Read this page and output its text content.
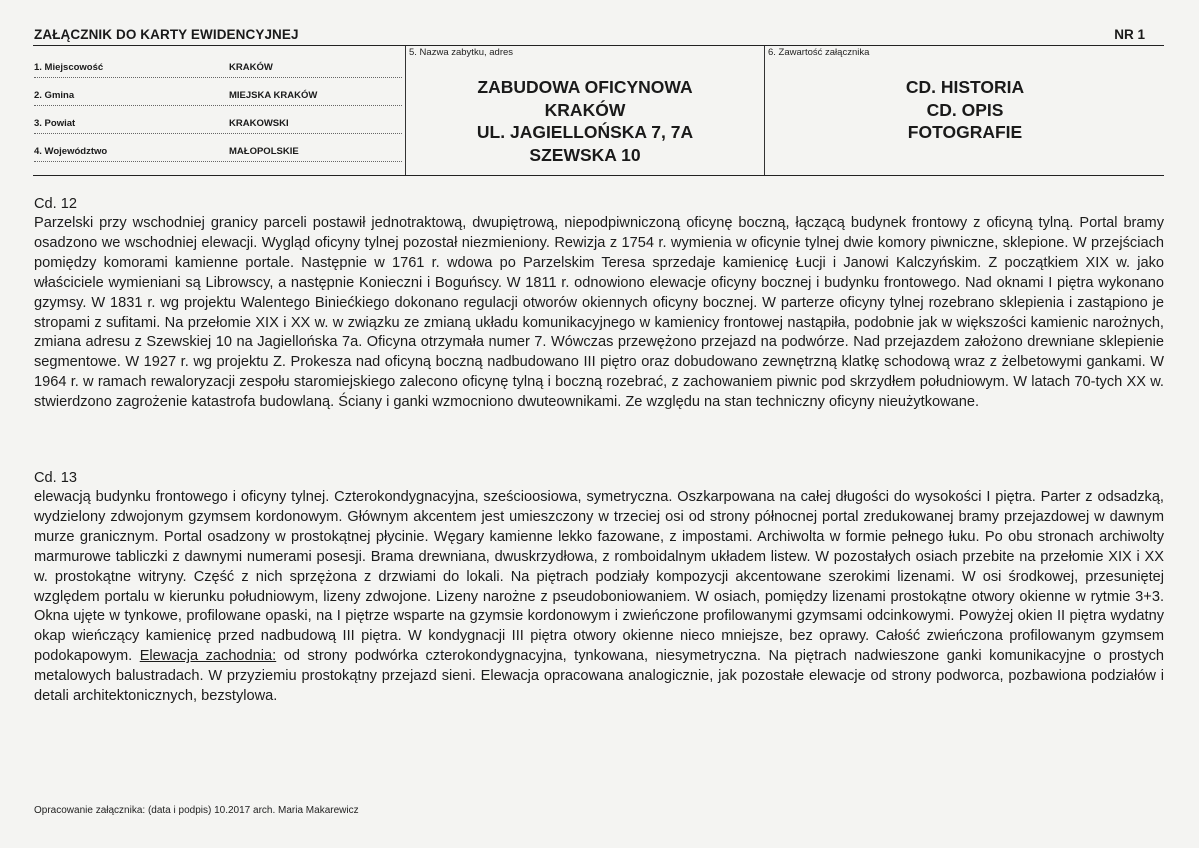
ZAŁĄCZNIK DO KARTY EWIDENCYJNEJ	NR 1
1. Miejscowość	KRAKÓW
2. Gmina	MIEJSKA KRAKÓW
3. Powiat	KRAKOWSKI
4. Województwo	MAŁOPOLSKIE
5. Nazwa zabytku, adres
ZABUDOWA OFICYNOWA
KRAKÓW
UL. JAGIELLOŃSKA 7, 7A
SZEWSKA 10
6. Zawartość załącznika
CD. HISTORIA
CD. OPIS
FOTOGRAFIE
Cd. 12
Parzelski przy wschodniej granicy parceli postawił jednotraktową, dwupiętrową, niepodpiwniczoną oficynę boczną, łączącą budynek frontowy z oficyną tylną. Portal bramy osadzono we wschodniej elewacji. Wygląd oficyny tylnej pozostał niezmieniony. Rewizja z 1754 r. wymienia w oficynie tylnej dwie komory piwniczne, sklepione. W przejściach pomiędzy komorami kamienne portale. Następnie w 1761 r. wdowa po Parzelskim Teresa sprzedaje kamienicę Łucji i Janowi Kalczyńskim. Z początkiem XIX w. jako właściciele wymieniani są Librowscy, a następnie Konieczni i Boguńscy. W 1811 r. odnowiono elewacje oficyny bocznej i budynku frontowego. Nad oknami I piętra wykonano gzymsy. W 1831 r. wg projektu Walentego Biniećkiego dokonano regulacji otworów okiennych oficyny bocznej. W parterze oficyny tylnej rozebrano sklepienia i zastąpiono je stropami z sufitami. Na przełomie XIX i XX w. w związku ze zmianą układu komunikacyjnego w kamienicy frontowej nastąpiła, podobnie jak w większości kamienic narożnych, zmiana adresu z Szewskiej 10 na Jagiellońska 7a. Oficyna otrzymała numer 7. Wówczas przewężono przejazd na podwórze. Nad przejazdem założono drewniane sklepienie segmentowe. W 1927 r. wg projektu Z. Prokesza nad oficyną boczną nadbudowano III piętro oraz dobudowano zewnętrzną klatkę schodową wraz z żelbetowymi gankami. W 1964 r. w ramach rewaloryzacji zespołu staromiejskiego zalecono oficynę tylną i boczną rozebrać, z zachowaniem piwnic pod skrzydłem południowym. W latach 70-tych XX w. stwierdzono zagrożenie katastrofa budowlaną. Ściany i ganki wzmocniono dwuteownikami. Ze względu na stan techniczny oficyny nieużytkowane.
Cd. 13
elewacją budynku frontowego i oficyny tylnej. Czterokondygnacyjna, sześcioosiowa, symetryczna. Oszkarpowana na całej długości do wysokości I piętra. Parter z odsadzką, wydzielony zdwojonym gzymsem kordonowym. Głównym akcentem jest umieszczony w trzeciej osi od strony północnej portal zredukowanej bramy przejazdowej w dawnym murze granicznym. Portal osadzony w prostokątnej płycinie. Węgary kamienne lekko fazowane, z impostami. Archiwolta w formie pełnego łuku. Po obu stronach archiwolty marmurowe tabliczki z dawnymi numerami posesji. Brama drewniana, dwuskrzydłowa, z romboidalnym układem listew. W pozostałych osiach przebite na przełomie XIX i XX w. prostokątne witryny. Część z nich sprzężona z drzwiami do lokali. Na piętrach podziały kompozycji akcentowane szerokimi lizenami. W osi środkowej, przesuniętej względem portalu w kierunku południowym, lizeny zdwojone. Lizeny narożne z pseudoboniowaniem. W osiach, pomiędzy lizenami prostokątne otwory okienne w rytmie 3+3. Okna ujęte w tynkowe, profilowane opaski, na I piętrze wsparte na gzymsie kordonowym i zwieńczone profilowanymi gzymsami odcinkowymi. Powyżej okien II piętra wydatny okap wieńczący kamienicę przed nadbudową III piętra. W kondygnacji III piętra otwory okienne nieco mniejsze, bez oprawy. Całość zwieńczona profilowanym gzymsem podokapowym. Elewacja zachodnia: od strony podwórka czterokondygnacyjna, tynkowana, niesymetryczna. Na piętrach nadwieszone ganki komunikacyjne o prostych metalowych balustradach. W przyziemiu prostokątny przejazd sieni. Elewacja opracowana analogicznie, jak pozostałe elewacje od strony podworca, pozbawiona podziałów i detali architektonicznych, bezstylowa.
Opracowanie załącznika: (data i podpis) 10.2017 arch. Maria Makarewicz
